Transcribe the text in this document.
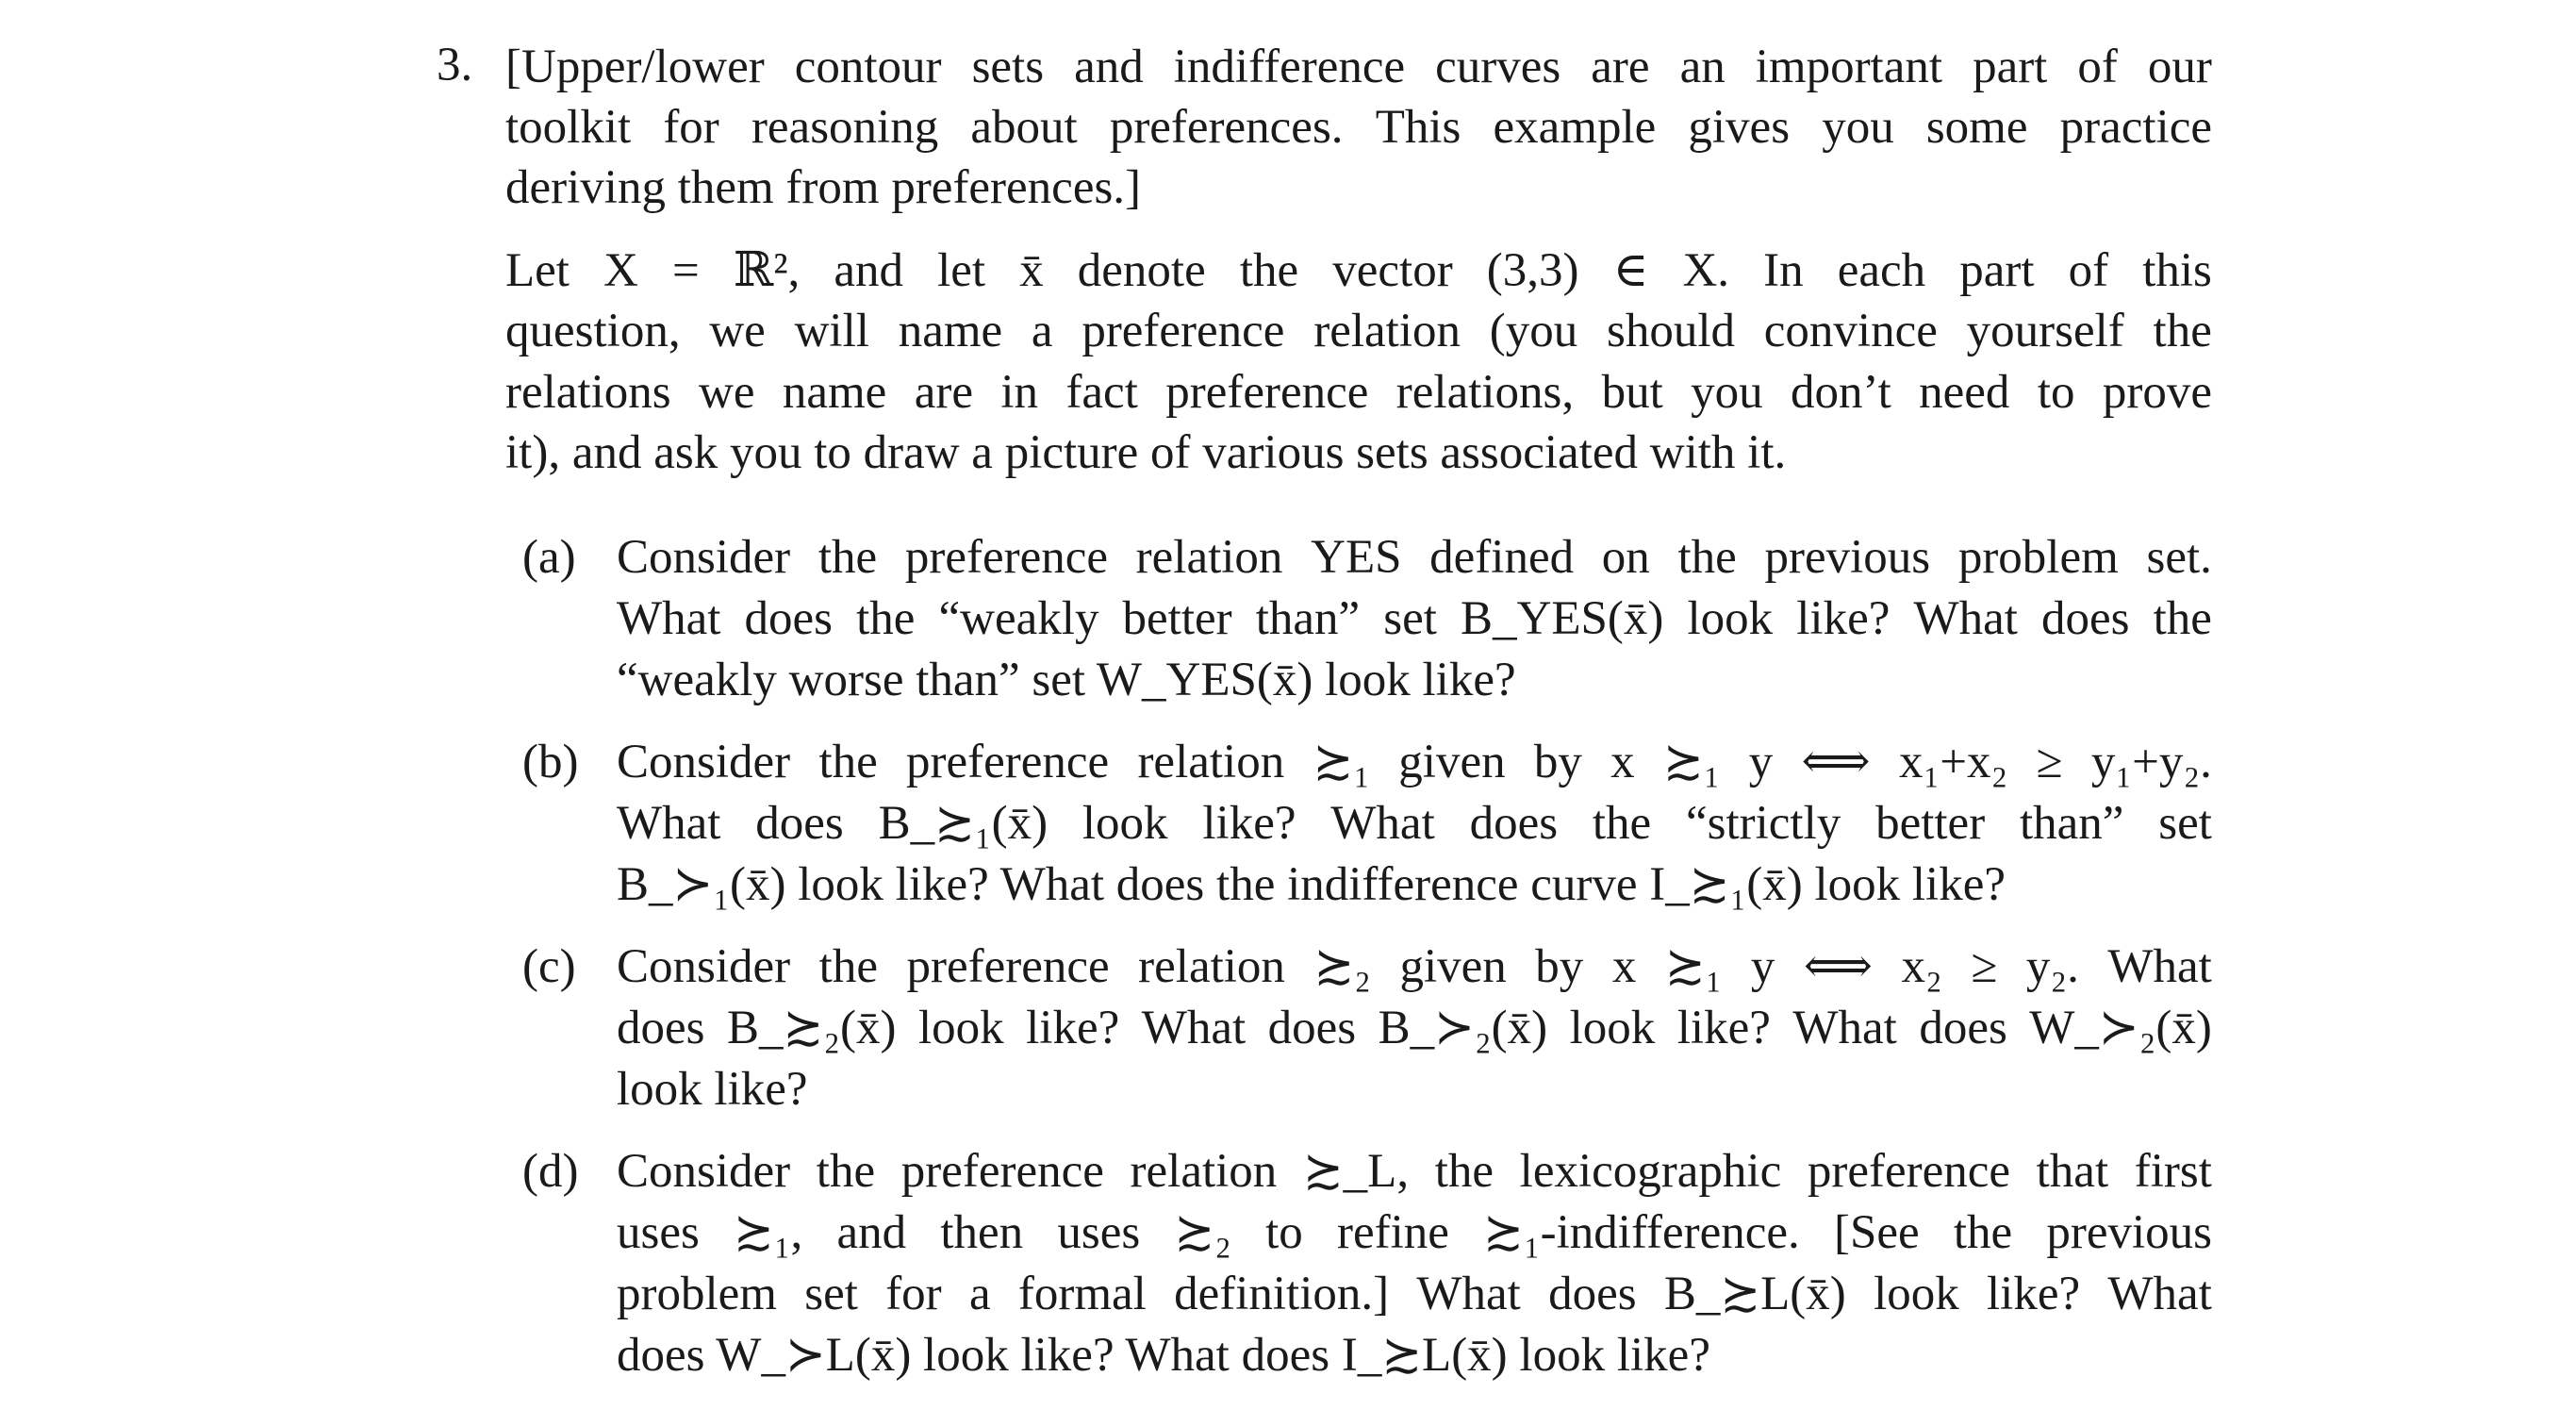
3. [Upper/lower contour sets and indifference curves are an important part of our
toolkit for reasoning about preferences. This example gives you some practice
deriving them from preferences.]
Let X = ℝ², and let x̄ denote the vector (3,3) ∈ X. In each part of this
question, we will name a preference relation (you should convince yourself the
relations we name are in fact preference relations, but you don’t need to prove
it), and ask you to draw a picture of various sets associated with it.
(a)
(b)
(c)
(d)
Consider the preference relation YES defined on the previous problem set.
What does the “weakly better than” set B_YES(x̄) look like? What does the
“weakly worse than” set W_YES(x̄) look like?
Consider the preference relation ≿₁ given by x ≿₁ y ⟺ x₁+x₂ ≥ y₁+y₂.
What does B_≿₁(x̄) look like? What does the “strictly better than” set
B_≻₁(x̄) look like? What does the indifference curve I_≿₁(x̄) look like?
Consider the preference relation ≿₂ given by x ≿₁ y ⟺ x₂ ≥ y₂. What
does B_≿₂(x̄) look like? What does B_≻₂(x̄) look like? What does W_≻₂(x̄)
look like?
Consider the preference relation ≿_L, the lexicographic preference that first
uses ≿₁, and then uses ≿₂ to refine ≿₁-indifference. [See the previous
problem set for a formal definition.] What does B_≿L(x̄) look like? What
does W_≻L(x̄) look like? What does I_≿L(x̄) look like?
